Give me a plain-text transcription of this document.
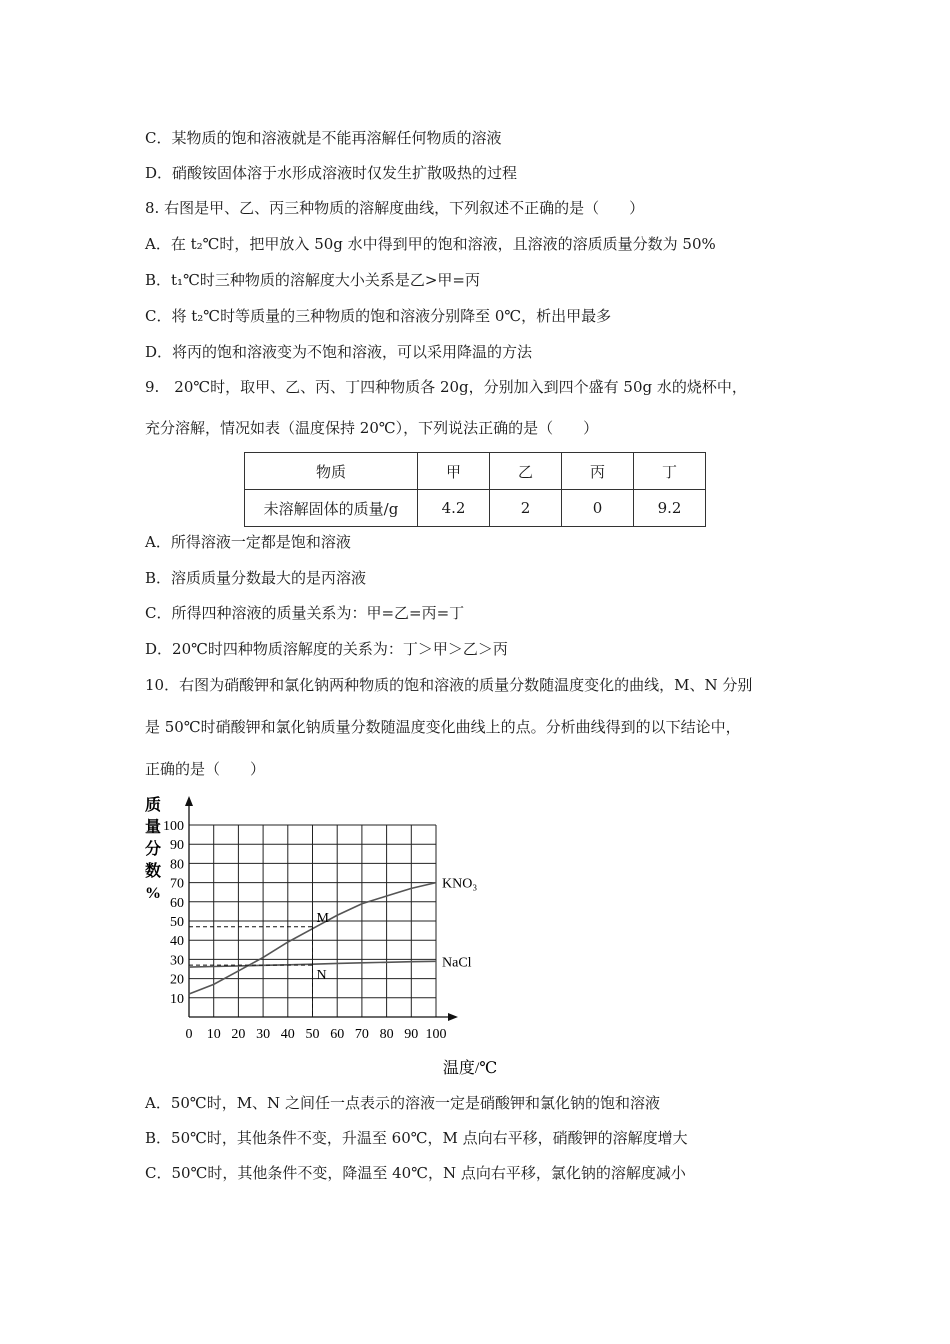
C．某物质的饱和溶液就是不能再溶解任何物质的溶液
D．硝酸铵固体溶于水形成溶液时仅发生扩散吸热的过程
8. 右图是甲、乙、丙三种物质的溶解度曲线，下列叙述不正确的是（　　）
A．在 t₂℃时，把甲放入 50g 水中得到甲的饱和溶液，且溶液的溶质质量分数为 50%
B．t₁℃时三种物质的溶解度大小关系是乙>甲=丙
C．将 t₂℃时等质量的三种物质的饱和溶液分别降至 0℃，析出甲最多
D．将丙的饱和溶液变为不饱和溶液，可以采用降温的方法
9.　20℃时，取甲、乙、丙、丁四种物质各 20g，分别加入到四个盛有 50g 水的烧杯中，
充分溶解，情况如表（温度保持 20℃），下列说法正确的是（　　）
物质	甲	乙	丙	丁
未溶解固体的质量/g	4.2	2	0	9.2
A．所得溶液一定都是饱和溶液
B．溶质质量分数最大的是丙溶液
C．所得四种溶液的质量关系为：甲=乙=丙=丁
D．20℃时四种物质溶解度的关系为：丁＞甲＞乙＞丙
10．右图为硝酸钾和氯化钠两种物质的饱和溶液的质量分数随温度变化的曲线，M、N 分别
是 50℃时硝酸钾和氯化钠质量分数随温度变化曲线上的点。分析曲线得到的以下结论中，
正确的是（　　）
质
量
分
数
%
10
20
30
40
50
60
70
80
90
100
0 10 20 30 40 50 60 70 80 90 100
温度/℃
KNO₃
NaCl
M
N
A．50℃时，M、N 之间任一点表示的溶液一定是硝酸钾和氯化钠的饱和溶液
B．50℃时，其他条件不变，升温至 60℃，M 点向右平移，硝酸钾的溶解度增大
C．50℃时，其他条件不变，降温至 40℃，N 点向右平移，氯化钠的溶解度减小
